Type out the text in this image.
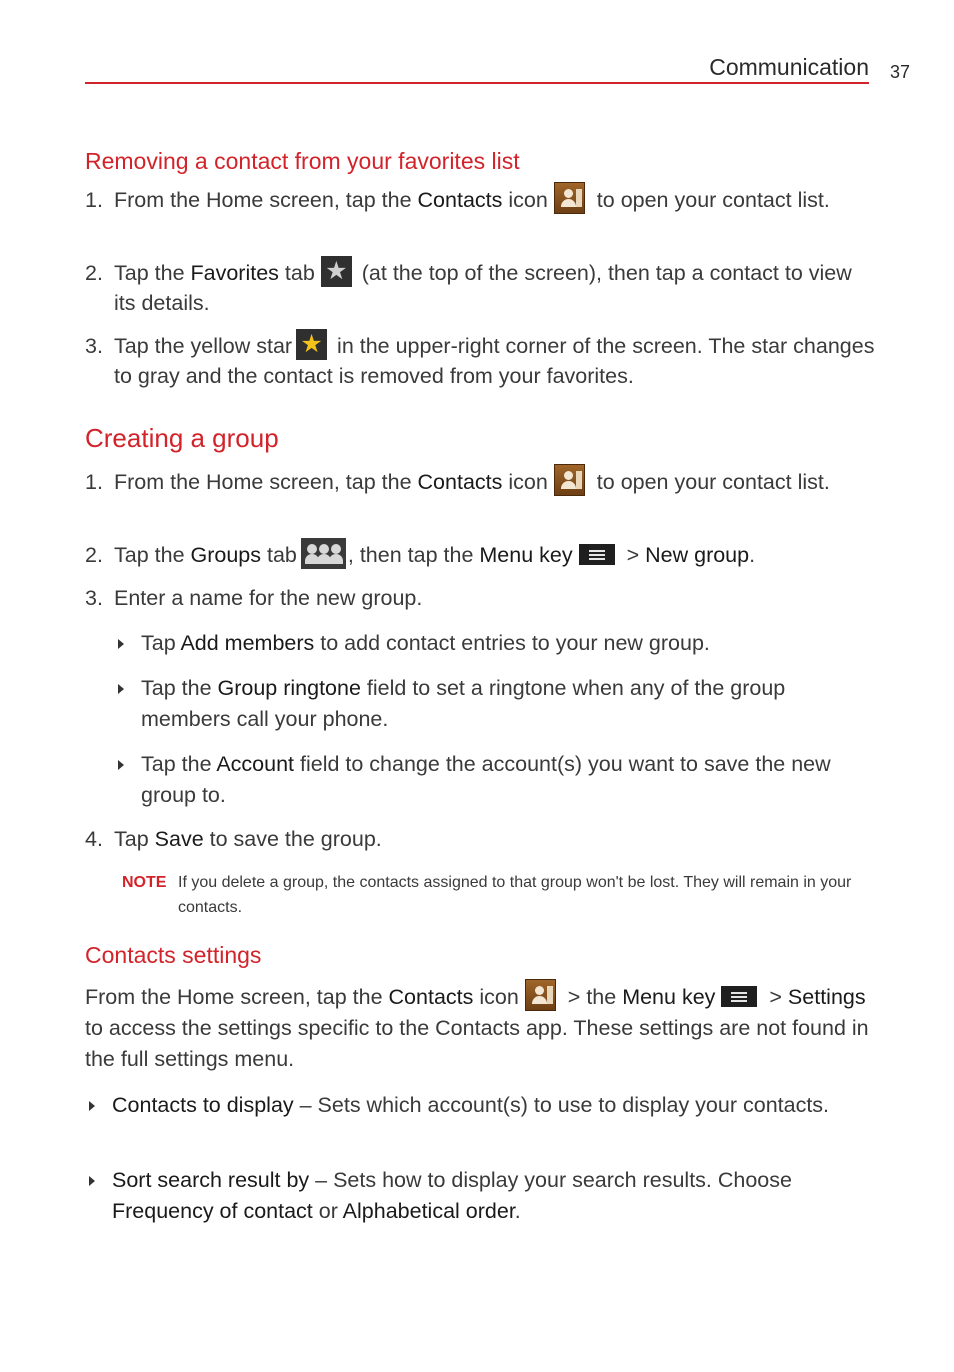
Communication 37
Removing a contact from your favorites list
1. From the Home screen, tap the Contacts icon
to open your contact list.
2. Tap the Favorites tab ★ (at the top of the screen), then tap a contact to view its details.
3. Tap the yellow star ★ in the upper-right corner of the screen. The star changes to gray and the contact is removed from your favorites.
Creating a group
1. From the Home screen, tap the Contacts icon
to open your contact list.
2. Tap the Groups tab , then tap the Menu key
> New group.
3. Enter a name for the new group.
Tap Add members to add contact entries to your new group.
Tap the Group ringtone field to set a ringtone when any of the group members call your phone.
Tap the Account field to change the account(s) you want to save the new group to.
4. Tap Save to save the group.
NOTE If you delete a group, the contacts assigned to that group won't be lost. They will remain in your contacts.
Contacts settings
From the Home screen, tap the Contacts icon
> the Menu key
> Settings to access the settings specific to the Contacts app. These settings are not found in the full settings menu.
Contacts to display – Sets which account(s) to use to display your contacts.
Sort search result by – Sets how to display your search results. Choose Frequency of contact or Alphabetical order.
